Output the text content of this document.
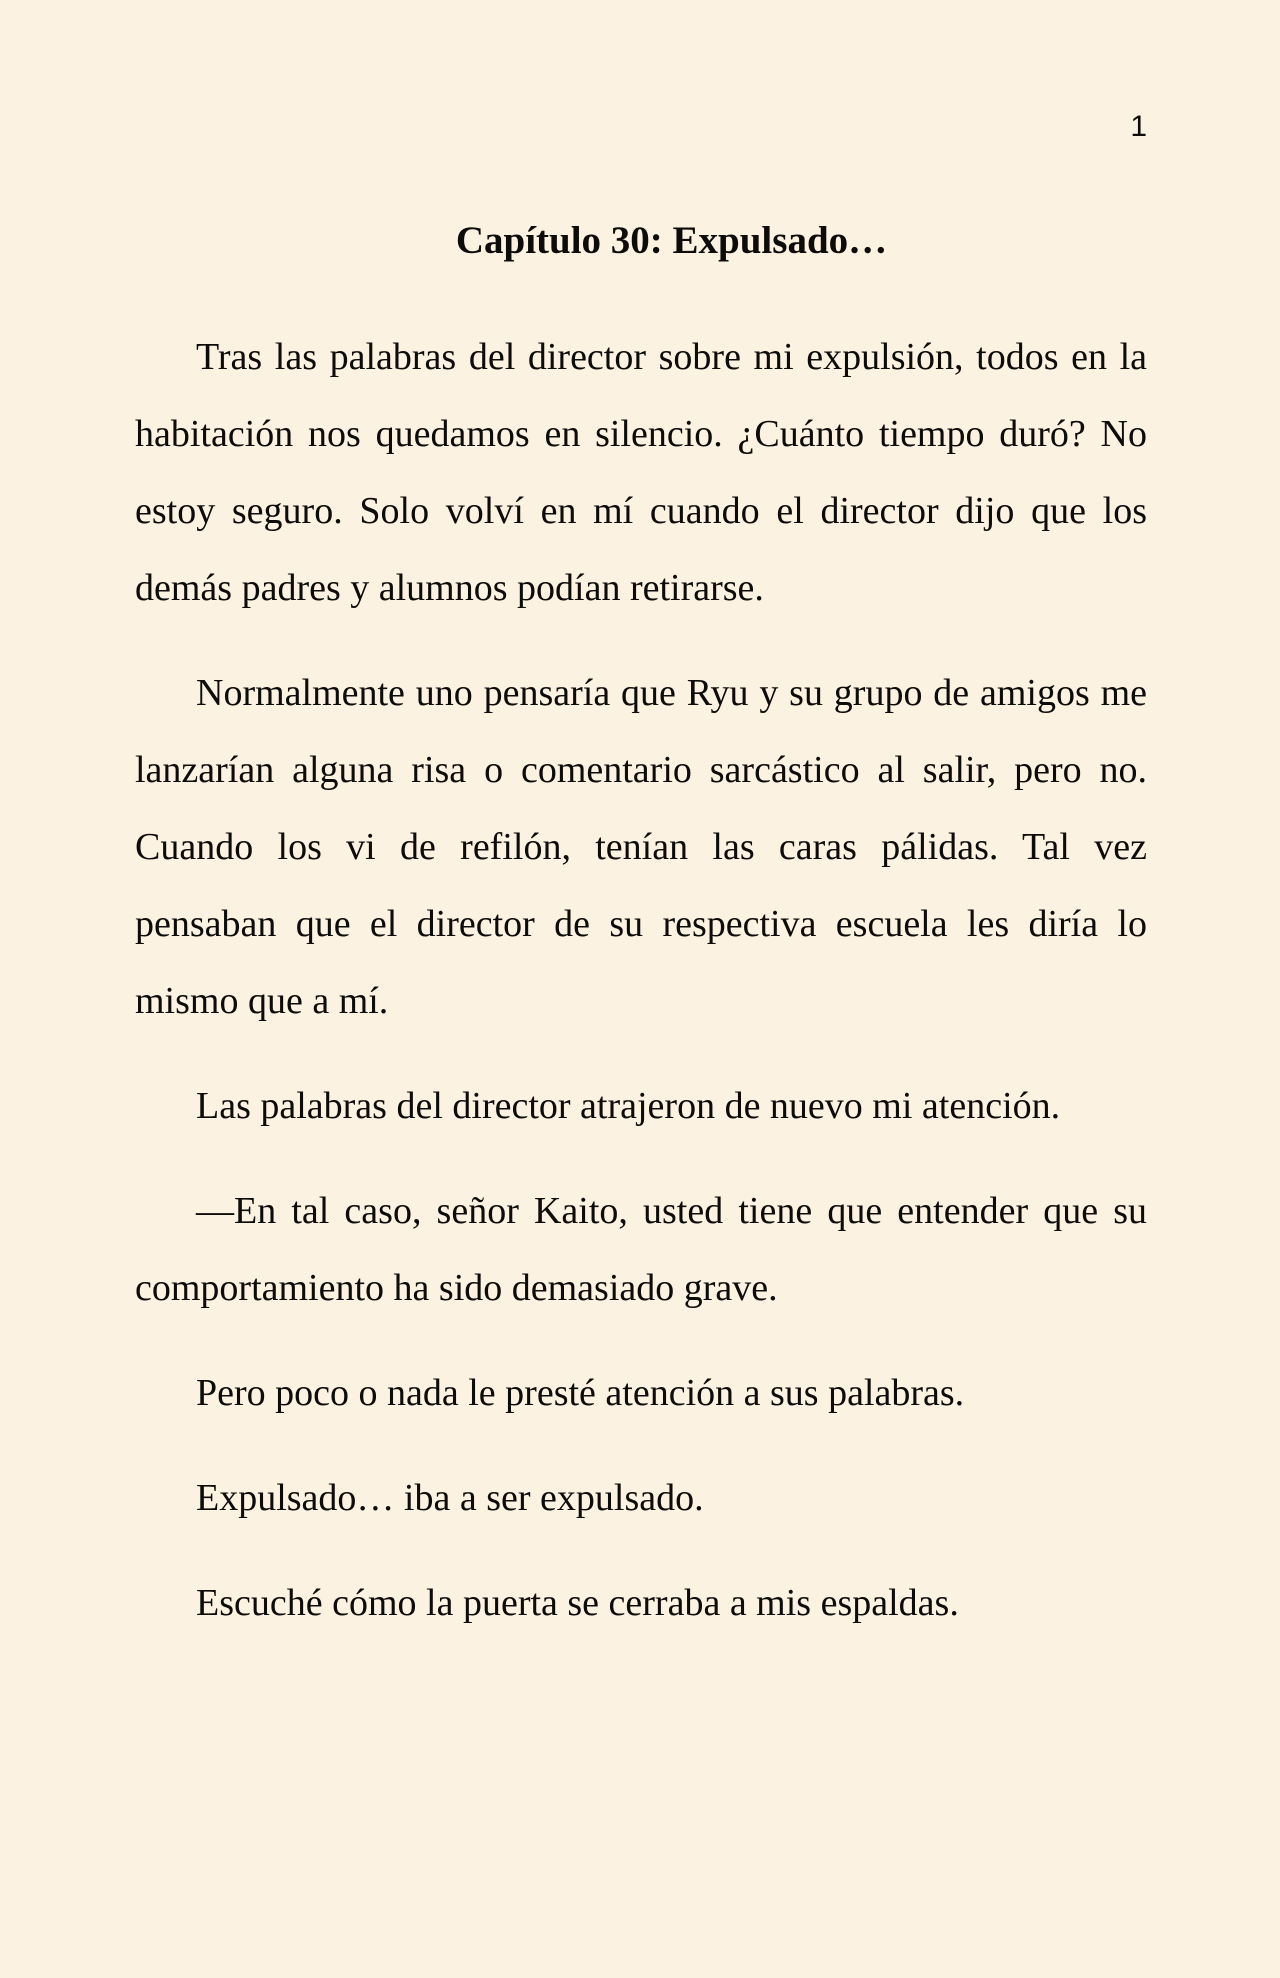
1
Capítulo 30: Expulsado…

Tras las palabras del director sobre mi expulsión, todos en la habitación nos quedamos en silencio. ¿Cuánto tiempo duró? No estoy seguro. Solo volví en mí cuando el director dijo que los demás padres y alumnos podían retirarse.

Normalmente uno pensaría que Ryu y su grupo de amigos me lanzarían alguna risa o comentario sarcástico al salir, pero no. Cuando los vi de refilón, tenían las caras pálidas. Tal vez pensaban que el director de su respectiva escuela les diría lo mismo que a mí.

Las palabras del director atrajeron de nuevo mi atención.

—En tal caso, señor Kaito, usted tiene que entender que su comportamiento ha sido demasiado grave.

Pero poco o nada le presté atención a sus palabras.

Expulsado… iba a ser expulsado.

Escuché cómo la puerta se cerraba a mis espaldas.
